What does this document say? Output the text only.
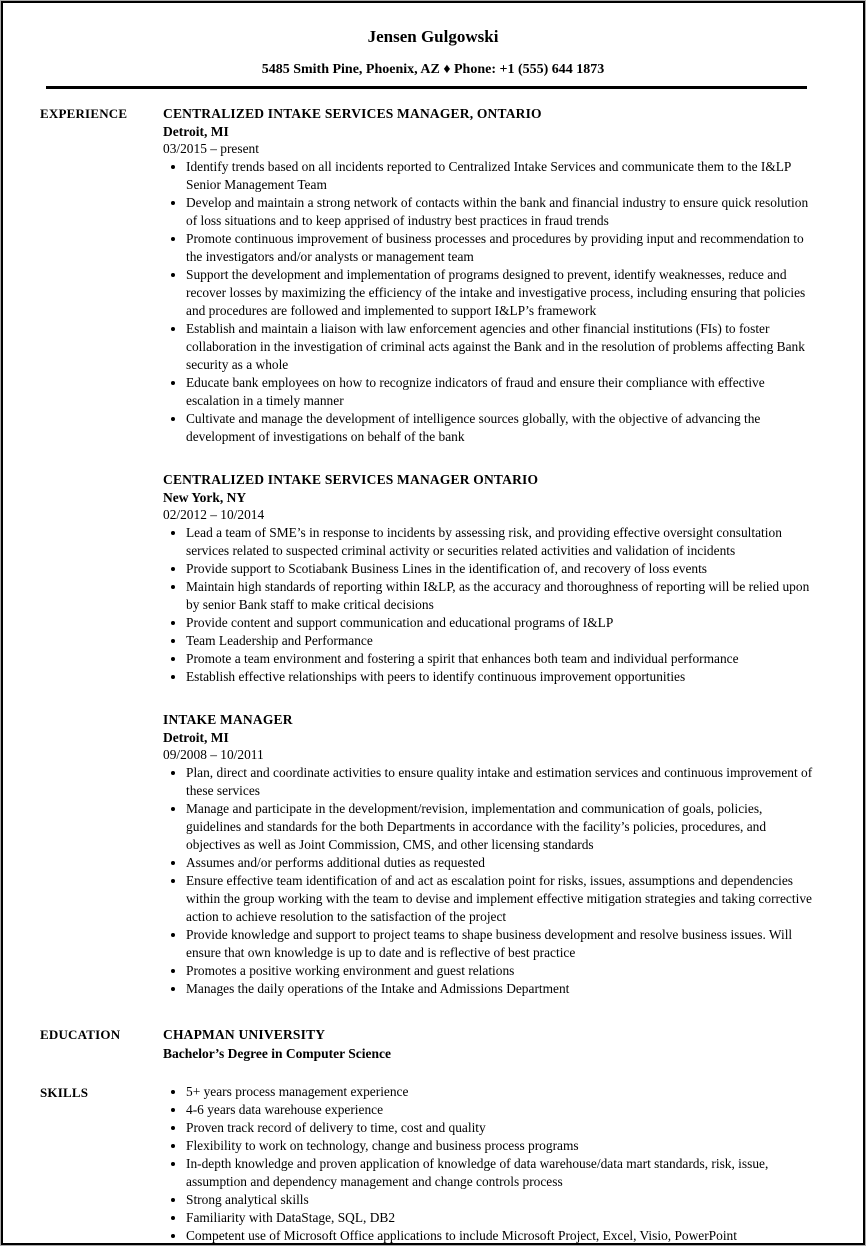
Jensen Gulgowski
5485 Smith Pine, Phoenix, AZ ♦ Phone: +1 (555) 644 1873
EXPERIENCE	CENTRALIZED INTAKE SERVICES MANAGER, ONTARIO
Detroit, MI
03/2015 – present
• Identify trends based on all incidents reported to Centralized Intake Services and communicate them to the I&LP Senior Management Team
• Develop and maintain a strong network of contacts within the bank and financial industry to ensure quick resolution of loss situations and to keep apprised of industry best practices in fraud trends
• Promote continuous improvement of business processes and procedures by providing input and recommendation to the investigators and/or analysts or management team
• Support the development and implementation of programs designed to prevent, identify weaknesses, reduce and recover losses by maximizing the efficiency of the intake and investigative process, including ensuring that policies and procedures are followed and implemented to support I&LP’s framework
• Establish and maintain a liaison with law enforcement agencies and other financial institutions (FIs) to foster collaboration in the investigation of criminal acts against the Bank and in the resolution of problems affecting Bank security as a whole
• Educate bank employees on how to recognize indicators of fraud and ensure their compliance with effective escalation in a timely manner
• Cultivate and manage the development of intelligence sources globally, with the objective of advancing the development of investigations on behalf of the bank
CENTRALIZED INTAKE SERVICES MANAGER ONTARIO
New York, NY
02/2012 – 10/2014
• Lead a team of SME’s in response to incidents by assessing risk, and providing effective oversight consultation services related to suspected criminal activity or securities related activities and validation of incidents
• Provide support to Scotiabank Business Lines in the identification of, and recovery of loss events
• Maintain high standards of reporting within I&LP, as the accuracy and thoroughness of reporting will be relied upon by senior Bank staff to make critical decisions
• Provide content and support communication and educational programs of I&LP
• Team Leadership and Performance
• Promote a team environment and fostering a spirit that enhances both team and individual performance
• Establish effective relationships with peers to identify continuous improvement opportunities
INTAKE MANAGER
Detroit, MI
09/2008 – 10/2011
• Plan, direct and coordinate activities to ensure quality intake and estimation services and continuous improvement of these services
• Manage and participate in the development/revision, implementation and communication of goals, policies, guidelines and standards for the both Departments in accordance with the facility’s policies, procedures, and objectives as well as Joint Commission, CMS, and other licensing standards
• Assumes and/or performs additional duties as requested
• Ensure effective team identification of and act as escalation point for risks, issues, assumptions and dependencies within the group working with the team to devise and implement effective mitigation strategies and taking corrective action to achieve resolution to the satisfaction of the project
• Provide knowledge and support to project teams to shape business development and resolve business issues. Will ensure that own knowledge is up to date and is reflective of best practice
• Promotes a positive working environment and guest relations
• Manages the daily operations of the Intake and Admissions Department
EDUCATION	CHAPMAN UNIVERSITY
Bachelor’s Degree in Computer Science
SKILLS	• 5+ years process management experience
• 4-6 years data warehouse experience
• Proven track record of delivery to time, cost and quality
• Flexibility to work on technology, change and business process programs
• In-depth knowledge and proven application of knowledge of data warehouse/data mart standards, risk, issue, assumption and dependency management and change controls process
• Strong analytical skills
• Familiarity with DataStage, SQL, DB2
• Competent use of Microsoft Office applications to include Microsoft Project, Excel, Visio, PowerPoint
